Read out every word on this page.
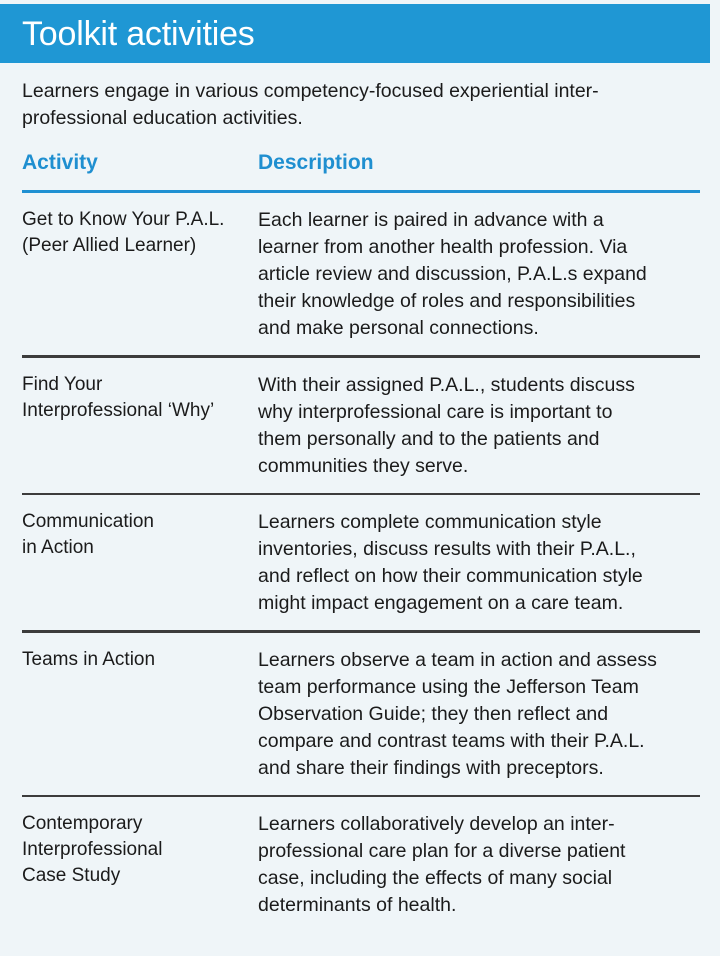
Toolkit activities
Learners engage in various competency-focused experiential inter- professional education activities.
Activity	Description
Get to Know Your P.A.L.
(Peer Allied Learner)
Each learner is paired in advance with a
learner from another health profession. Via
article review and discussion, P.A.L.s expand
their knowledge of roles and responsibilities
and make personal connections.
Find Your
Interprofessional ‘Why’
With their assigned P.A.L., students discuss
why interprofessional care is important to
them personally and to the patients and
communities they serve.
Communication
in Action
Learners complete communication style
inventories, discuss results with their P.A.L.,
and reflect on how their communication style
might impact engagement on a care team.
Teams in Action	Learners observe a team in action and assess
team performance using the Jefferson Team
Observation Guide; they then reflect and
compare and contrast teams with their P.A.L.
and share their findings with preceptors.
Contemporary
Interprofessional
Case Study
Learners collaboratively develop an inter-
professional care plan for a diverse patient
case, including the effects of many social
determinants of health.
